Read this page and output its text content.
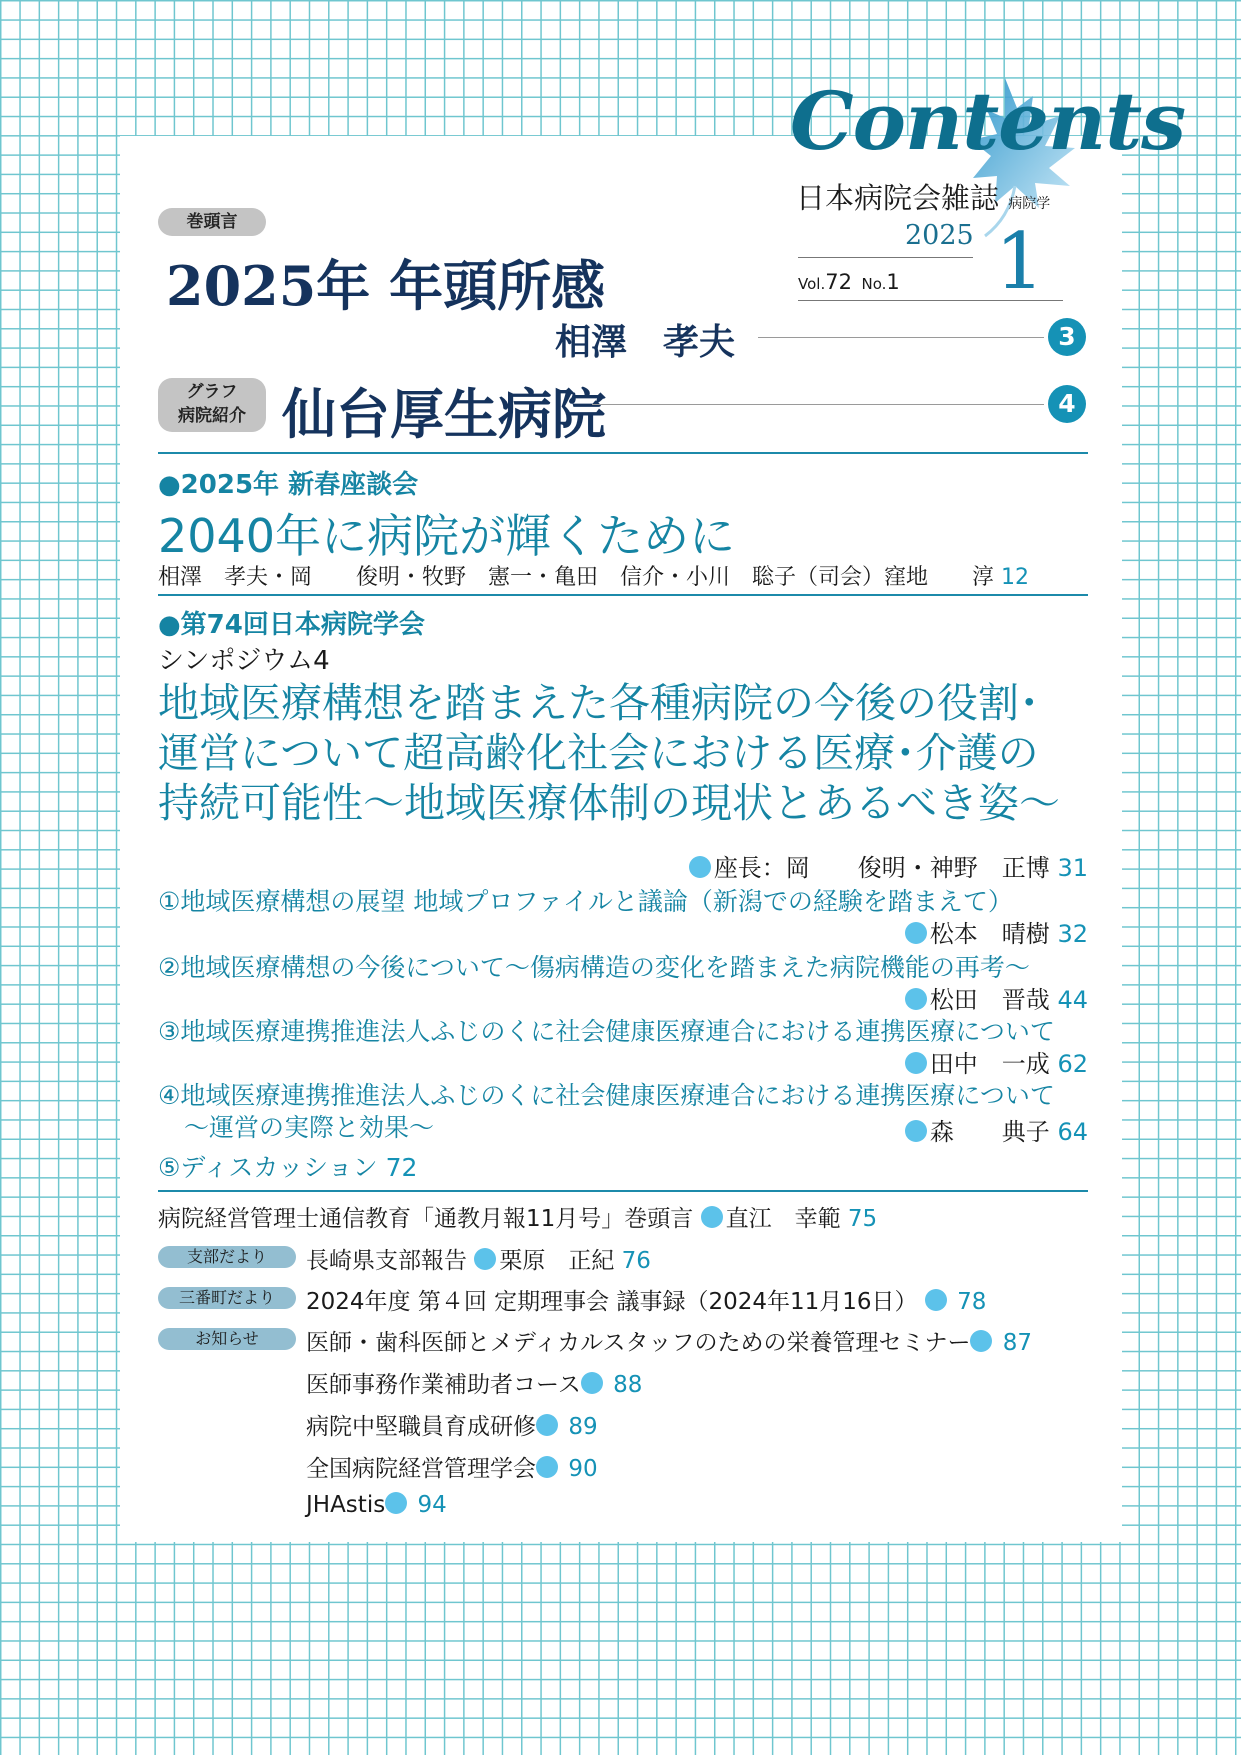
Contents
日本病院会雑誌 病院学
2025
Vol.72 No.1 1
巻頭言
2025年 年頭所感
相澤　孝夫	3
グラフ
病院紹介 仙台厚生病院	4
●2025年 新春座談会
2040年に病院が輝くために
相澤　孝夫・岡　　俊明・牧野　憲一・亀田　信介・小川　聡子（司会）窪地　　淳 12
●第74回日本病院学会
シンポジウム4
地域医療構想を踏まえた各種病院の今後の役割･
運営について超高齢化社会における医療･介護の
持続可能性～地域医療体制の現状とあるべき姿～
座長：岡　　俊明・神野　正博 31
①地域医療構想の展望 地域プロファイルと議論（新潟での経験を踏まえて）
松本　晴樹 32
②地域医療構想の今後について～傷病構造の変化を踏まえた病院機能の再考～
松田　晋哉 44
③地域医療連携推進法人ふじのくに社会健康医療連合における連携医療について
田中　一成 62
④地域医療連携推進法人ふじのくに社会健康医療連合における連携医療について
～運営の実際と効果～	森　　典子 64
⑤ディスカッション 72
病院経営管理士通信教育「通教月報11月号」巻頭言 直江　幸範 75
支部だより	長崎県支部報告 栗原　正紀 76
三番町だより	2024年度 第４回 定期理事会 議事録（2024年11月16日） 78
お知らせ	医師・歯科医師とメディカルスタッフのための栄養管理セミナー 87
医師事務作業補助者コース 88
病院中堅職員育成研修 89
全国病院経営管理学会 90
JHAstis 94
